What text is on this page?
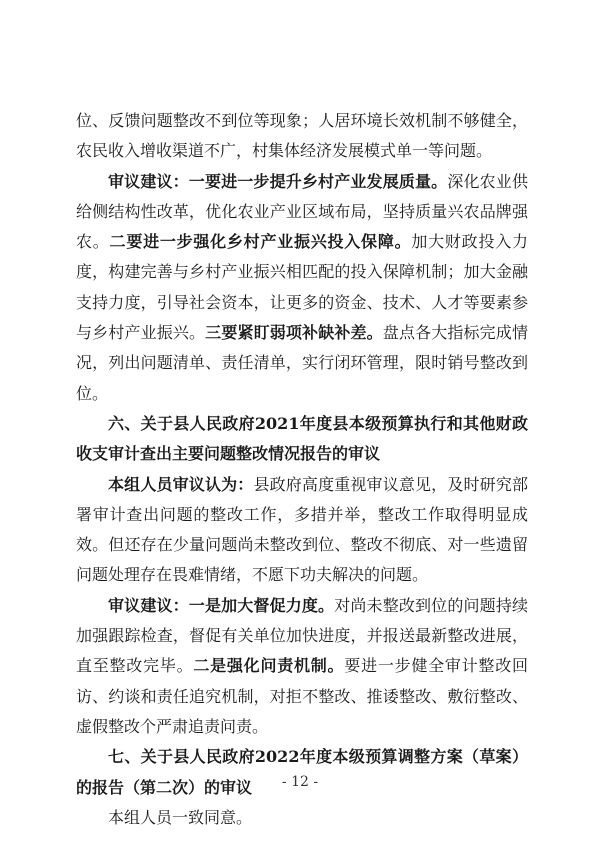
位、反馈问题整改不到位等现象；人居环境长效机制不够健全，农民收入增收渠道不广，村集体经济发展模式单一等问题。

审议建议：一要进一步提升乡村产业发展质量。深化农业供给侧结构性改革，优化农业产业区域布局，坚持质量兴农品牌强农。二要进一步强化乡村产业振兴投入保障。加大财政投入力度，构建完善与乡村产业振兴相匹配的投入保障机制；加大金融支持力度，引导社会资本，让更多的资金、技术、人才等要素参与乡村产业振兴。三要紧盯弱项补缺补差。盘点各大指标完成情况，列出问题清单、责任清单，实行闭环管理，限时销号整改到位。

六、关于县人民政府2021年度县本级预算执行和其他财政收支审计查出主要问题整改情况报告的审议

本组人员审议认为：县政府高度重视审议意见，及时研究部署审计查出问题的整改工作，多措并举，整改工作取得明显成效。但还存在少量问题尚未整改到位、整改不彻底、对一些遗留问题处理存在畏难情绪，不愿下功夫解决的问题。

审议建议：一是加大督促力度。对尚未整改到位的问题持续加强跟踪检查，督促有关单位加快进度，并报送最新整改进展，直至整改完毕。二是强化问责机制。要进一步健全审计整改回访、约谈和责任追究机制，对拒不整改、推诿整改、敷衍整改、虚假整改个严肃追责问责。

七、关于县人民政府2022年度本级预算调整方案（草案）的报告（第二次）的审议

本组人员一致同意。

- 12 -
